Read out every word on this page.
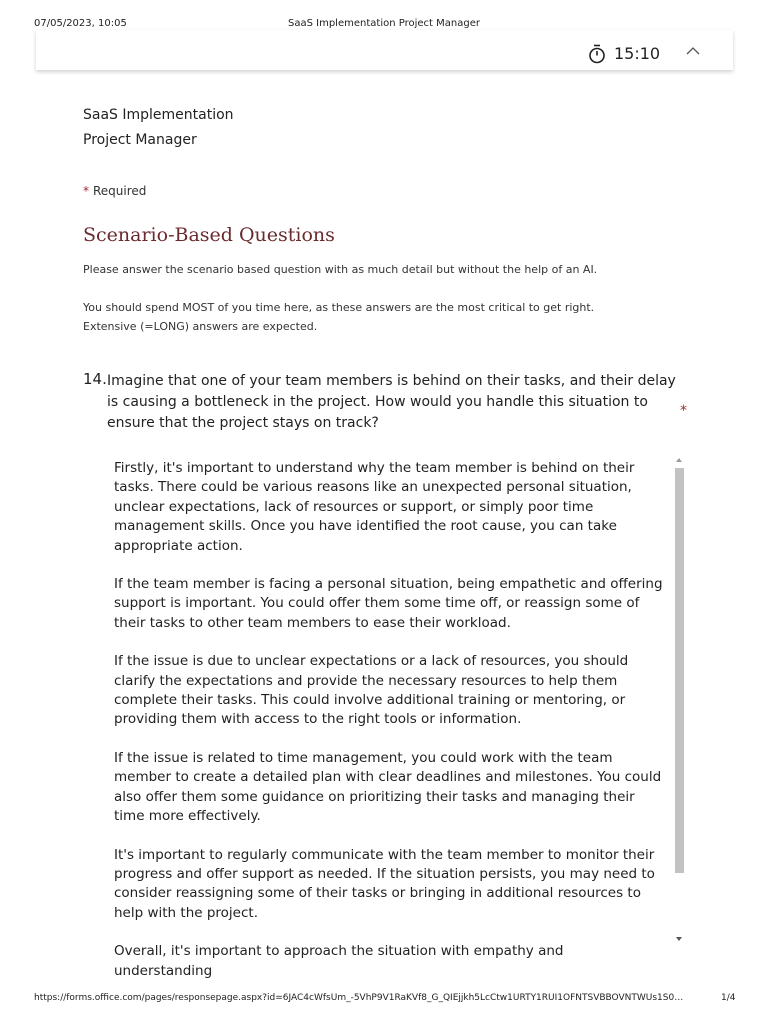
07/05/2023, 10:05	SaaS Implementation Project Manager
15:10
SaaS Implementation
Project Manager
* Required
Scenario-Based Questions
Please answer the scenario based question with as much detail but without the help of an AI.
You should spend MOST of you time here, as these answers are the most critical to get right.
Extensive (=LONG) answers are expected.
14. Imagine that one of your team members is behind on their tasks, and their delay is causing a bottleneck in the project. How would you handle this situation to ensure that the project stays on track?
*

Firstly, it's important to understand why the team member is behind on their tasks. There could be various reasons like an unexpected personal situation, unclear expectations, lack of resources or support, or simply poor time management skills. Once you have identified the root cause, you can take appropriate action.

If the team member is facing a personal situation, being empathetic and offering support is important. You could offer them some time off, or reassign some of their tasks to other team members to ease their workload.

If the issue is due to unclear expectations or a lack of resources, you should clarify the expectations and provide the necessary resources to help them complete their tasks. This could involve additional training or mentoring, or providing them with access to the right tools or information.

If the issue is related to time management, you could work with the team member to create a detailed plan with clear deadlines and milestones. You could also offer them some guidance on prioritizing their tasks and managing their time more effectively.

It's important to regularly communicate with the team member to monitor their progress and offer support as needed. If the situation persists, you may need to consider reassigning some of their tasks or bringing in additional resources to help with the project.

Overall, it's important to approach the situation with empathy and understanding

https://forms.office.com/pages/responsepage.aspx?id=6JAC4cWfsUm_-5VhP9V1RaKVf8_G_QIEjjkh5LcCtw1URTY1RUI1OFNTSVBBOVNTWUs1S0…	1/4
